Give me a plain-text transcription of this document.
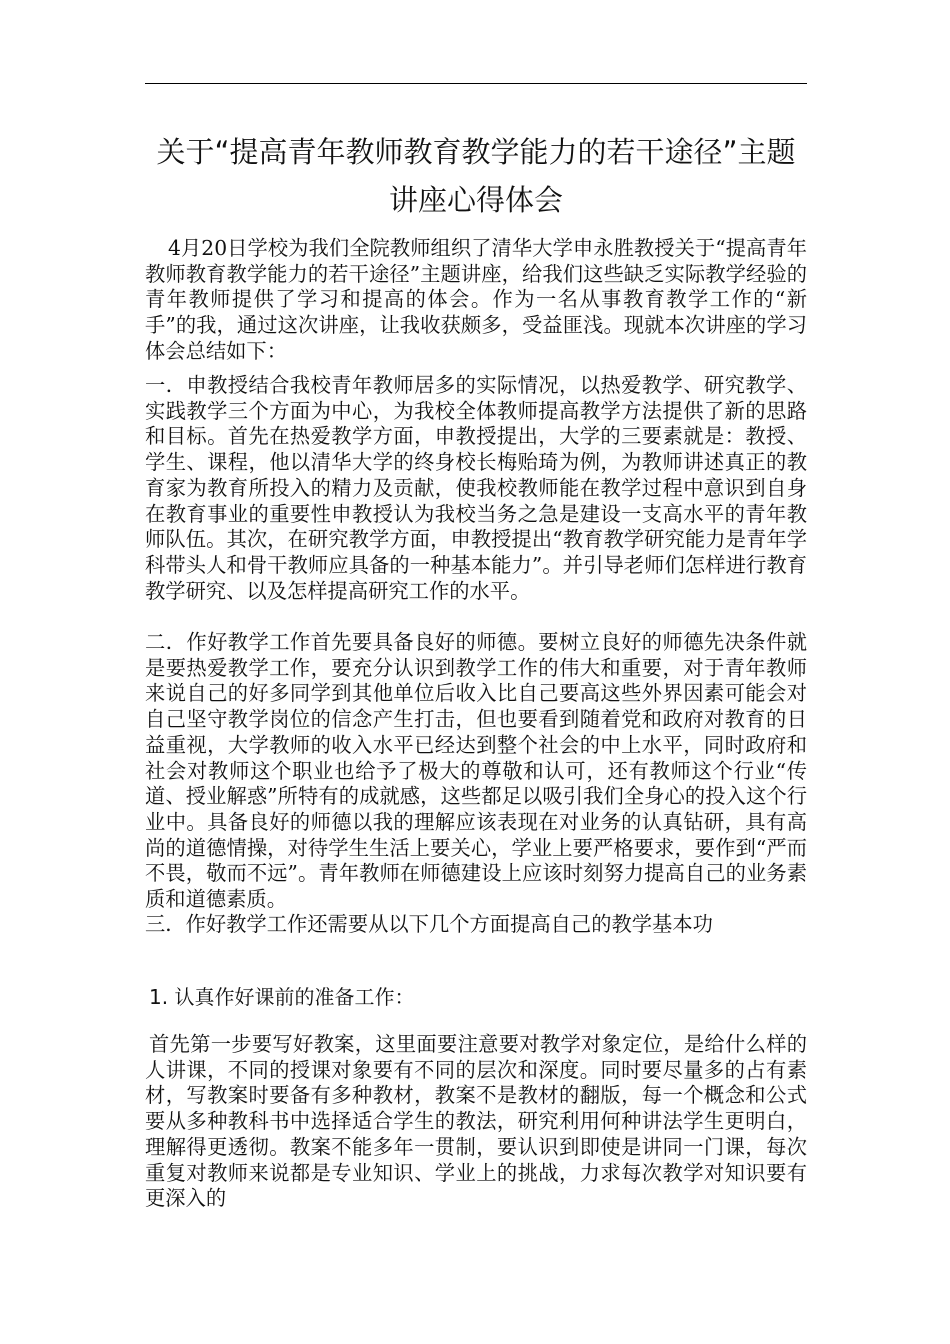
关于“提高青年教师教育教学能力的若干途径”主题
讲座心得体会

4月20日学校为我们全院教师组织了清华大学申永胜教授关于“提高青年教师教育教学能力的若干途径”主题讲座，给我们这些缺乏实际教学经验的青年教师提供了学习和提高的体会。作为一名从事教育教学工作的“新手”的我，通过这次讲座，让我收获颇多，受益匪浅。现就本次讲座的学习体会总结如下：

一．申教授结合我校青年教师居多的实际情况，以热爱教学、研究教学、实践教学三个方面为中心，为我校全体教师提高教学方法提供了新的思路和目标。首先在热爱教学方面，申教授提出，大学的三要素就是：教授、学生、课程，他以清华大学的终身校长梅贻琦为例，为教师讲述真正的教育家为教育所投入的精力及贡献，使我校教师能在教学过程中意识到自身在教育事业的重要性申教授认为我校当务之急是建设一支高水平的青年教师队伍。其次，在研究教学方面，申教授提出“教育教学研究能力是青年学科带头人和骨干教师应具备的一种基本能力”。并引导老师们怎样进行教育教学研究、以及怎样提高研究工作的水平。

二．作好教学工作首先要具备良好的师德。要树立良好的师德先决条件就是要热爱教学工作，要充分认识到教学工作的伟大和重要，对于青年教师来说自己的好多同学到其他单位后收入比自己要高这些外界因素可能会对自己坚守教学岗位的信念产生打击，但也要看到随着党和政府对教育的日益重视，大学教师的收入水平已经达到整个社会的中上水平，同时政府和社会对教师这个职业也给予了极大的尊敬和认可，还有教师这个行业“传道、授业解惑”所特有的成就感，这些都足以吸引我们全身心的投入这个行业中。具备良好的师德以我的理解应该表现在对业务的认真钻研，具有高尚的道德情操，对待学生生活上要关心，学业上要严格要求，要作到“严而不畏，敬而不远”。青年教师在师德建设上应该时刻努力提高自己的业务素质和道德素质。

三．作好教学工作还需要从以下几个方面提高自己的教学基本功

1. 认真作好课前的准备工作：

首先第一步要写好教案，这里面要注意要对教学对象定位，是给什么样的人讲课，不同的授课对象要有不同的层次和深度。同时要尽量多的占有素材，写教案时要备有多种教材，教案不是教材的翻版，每一个概念和公式要从多种教科书中选择适合学生的教法，研究利用何种讲法学生更明白，理解得更透彻。教案不能多年一贯制，要认识到即使是讲同一门课，每次重复对教师来说都是专业知识、学业上的挑战，力求每次教学对知识要有更深入的
